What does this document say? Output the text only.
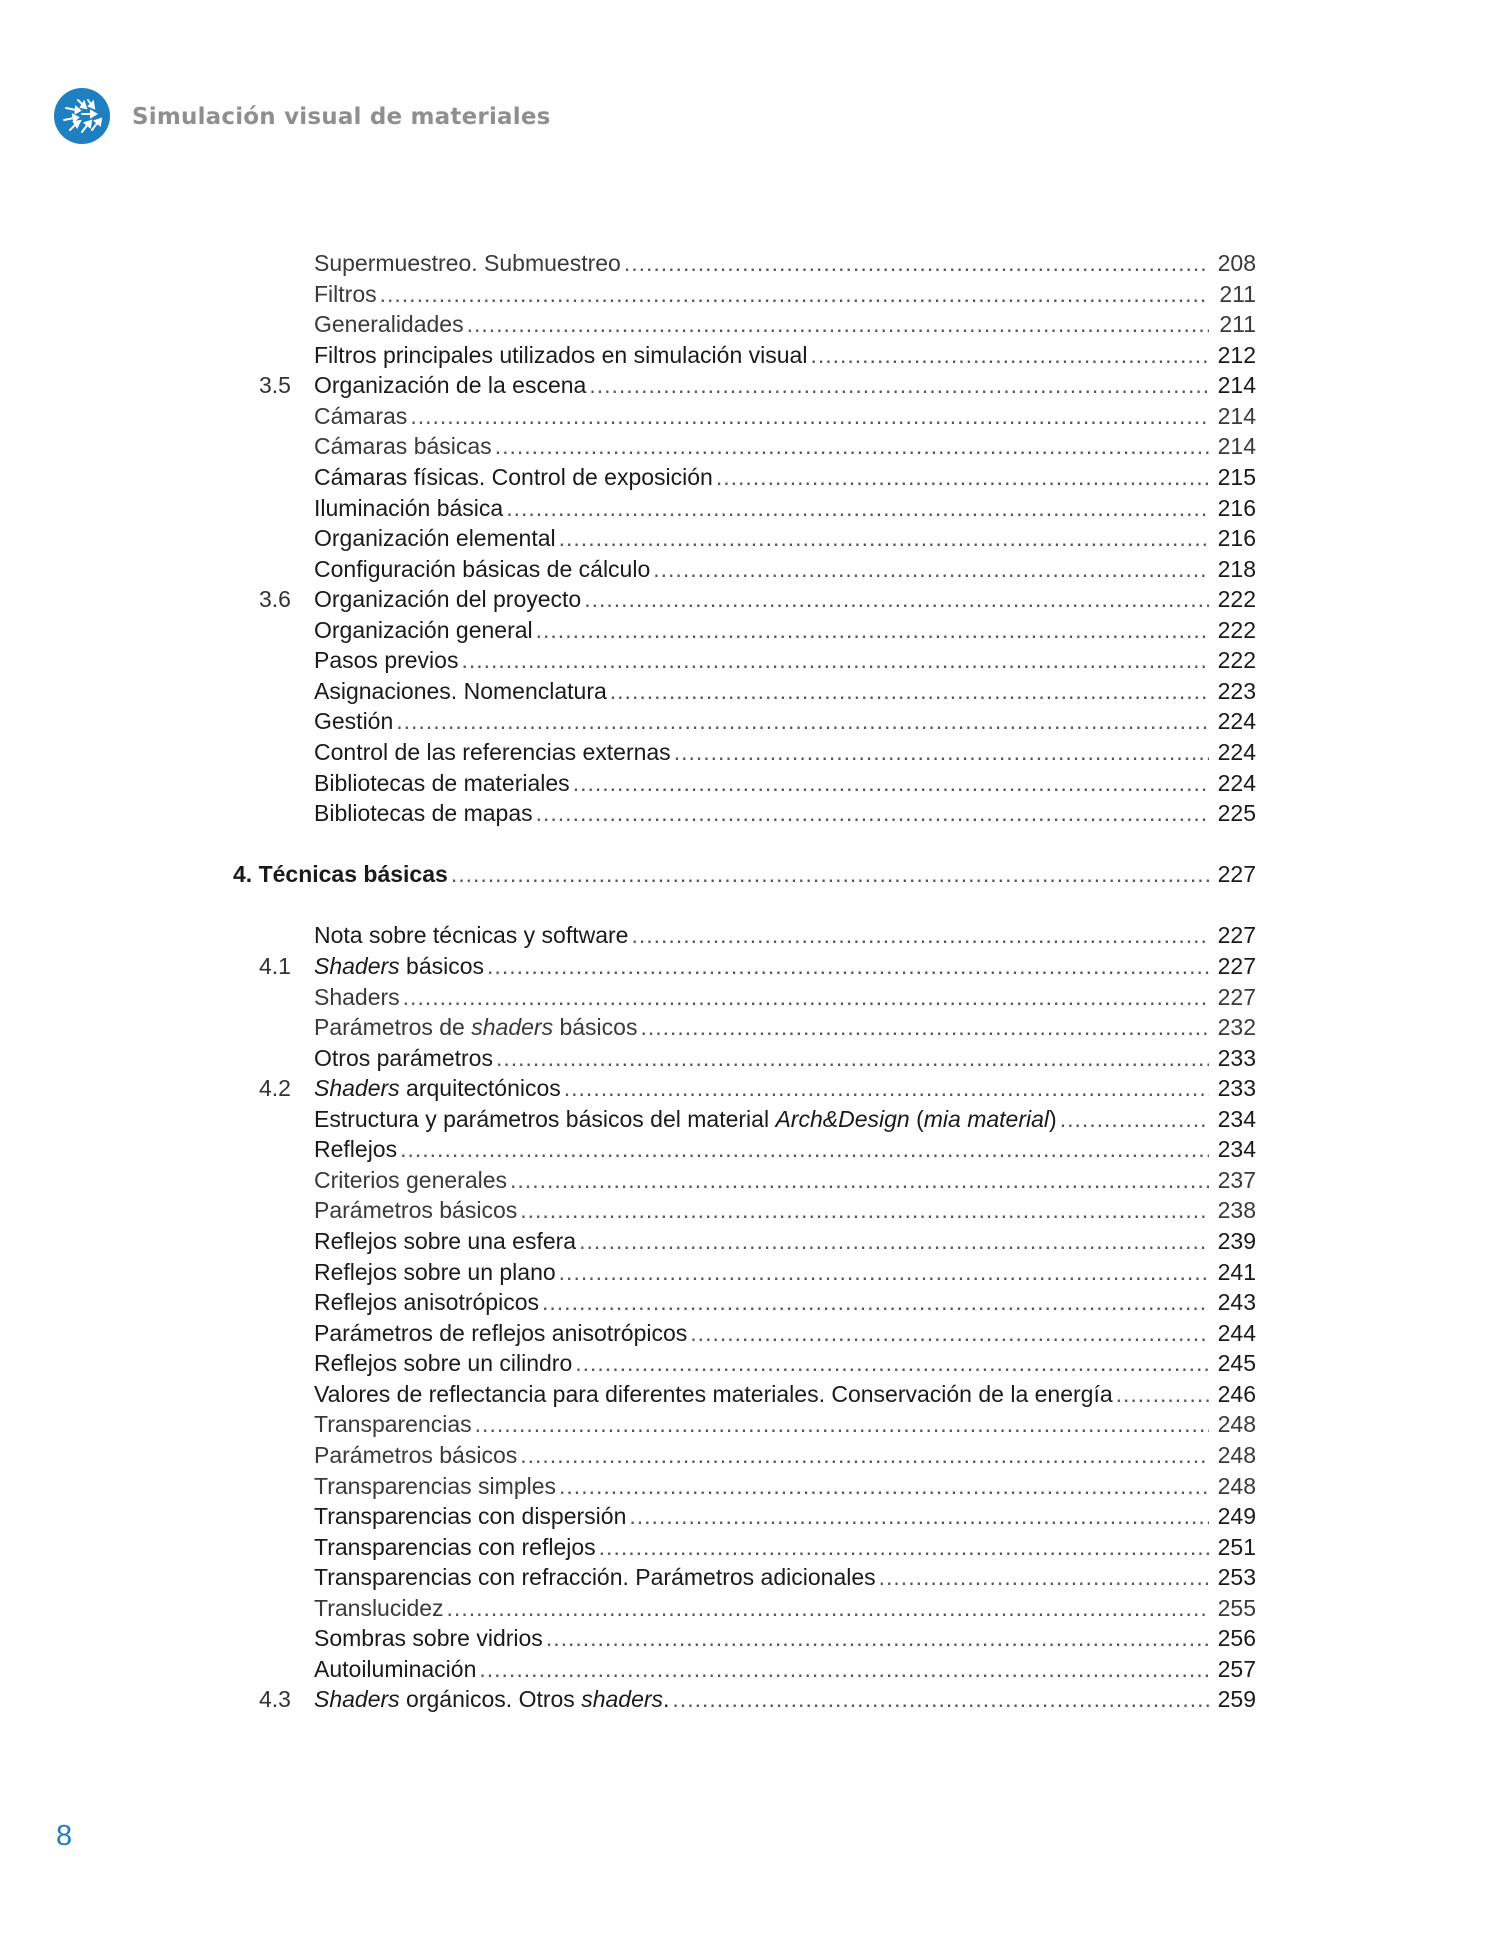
Simulación visual de materiales
Supermuestreo. Submuestreo .....	208
Filtros .....	211
Generalidades .....	211
Filtros principales utilizados en simulación visual .....	212
3.5	Organización de la escena .....	214
Cámaras .....	214
Cámaras básicas .....	214
Cámaras físicas. Control de exposición .....	215
Iluminación básica .....	216
Organización elemental .....	216
Configuración básicas de cálculo .....	218
3.6	Organización del proyecto .....	222
Organización general .....	222
Pasos previos .....	222
Asignaciones. Nomenclatura .....	223
Gestión .....	224
Control de las referencias externas .....	224
Bibliotecas de materiales .....	224
Bibliotecas de mapas .....	225
4. Técnicas básicas .....	227
Nota sobre técnicas y software .....	227
4.1	Shaders básicos .....	227
Shaders .....	227
Parámetros de shaders básicos .....	232
Otros parámetros .....	233
4.2	Shaders arquitectónicos .....	233
Estructura y parámetros básicos del material Arch&Design (mia material) .....	234
Reflejos .....	234
Criterios generales .....	237
Parámetros básicos .....	238
Reflejos sobre una esfera .....	239
Reflejos sobre un plano .....	241
Reflejos anisotrópicos .....	243
Parámetros de reflejos anisotrópicos .....	244
Reflejos sobre un cilindro .....	245
Valores de reflectancia para diferentes materiales. Conservación de la energía .....	246
Transparencias .....	248
Parámetros básicos .....	248
Transparencias simples .....	248
Transparencias con dispersión .....	249
Transparencias con reflejos .....	251
Transparencias con refracción. Parámetros adicionales .....	253
Translucidez .....	255
Sombras sobre vidrios .....	256
Autoiluminación .....	257
4.3	Shaders orgánicos. Otros shaders. .....	259
8
